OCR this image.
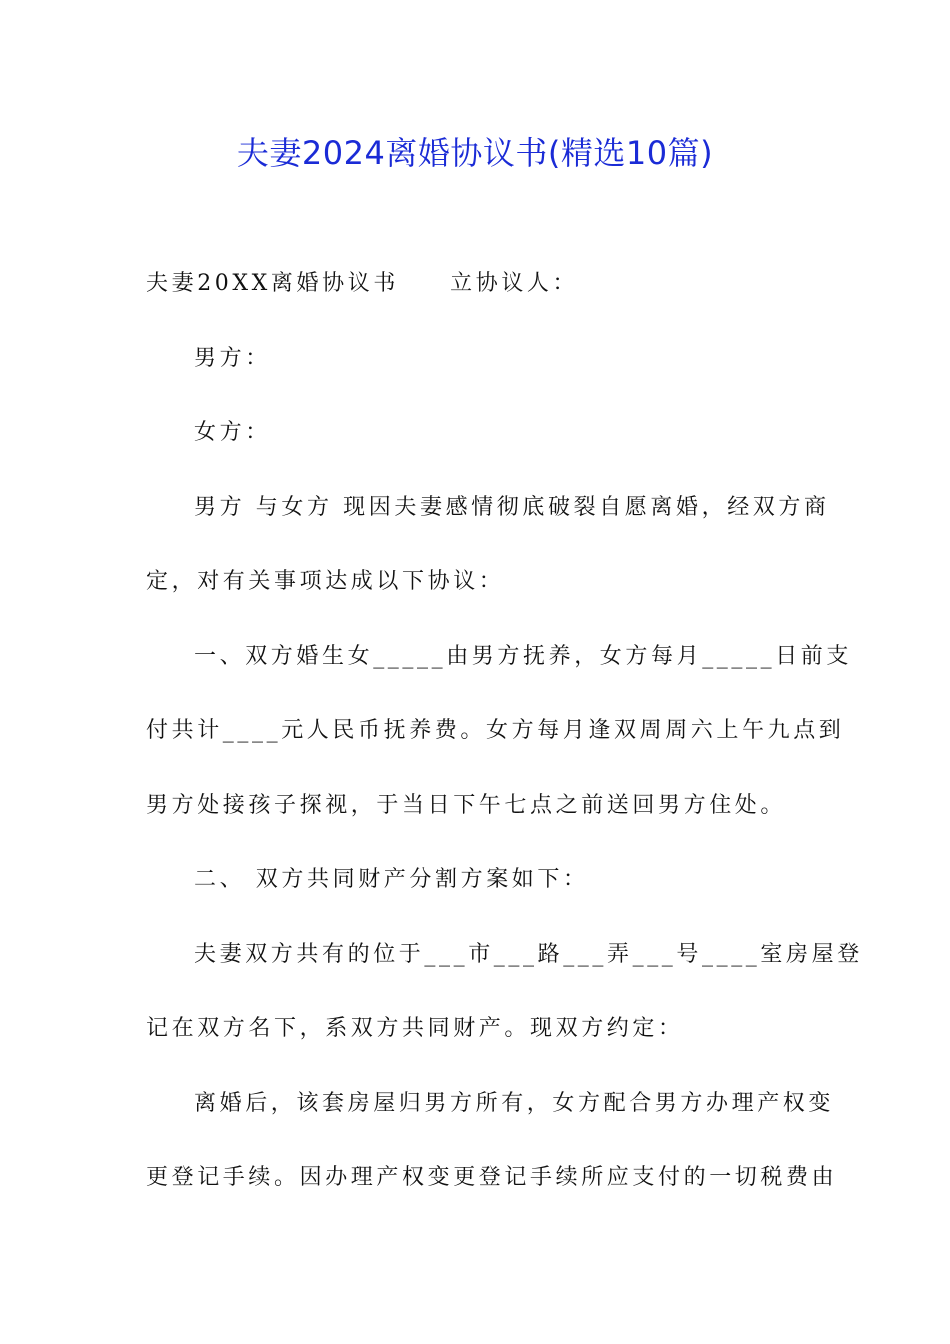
夫妻2024离婚协议书(精选10篇)
夫妻20XX离婚协议书　　立协议人：
男方：
女方：
男方 与女方 现因夫妻感情彻底破裂自愿离婚，经双方商
定，对有关事项达成以下协议：
一、双方婚生女_____由男方抚养，女方每月_____日前支
付共计____元人民币抚养费。女方每月逢双周周六上午九点到
男方处接孩子探视，于当日下午七点之前送回男方住处。
二、 双方共同财产分割方案如下：
夫妻双方共有的位于___市___路___弄___号____室房屋登
记在双方名下，系双方共同财产。现双方约定：
离婚后，该套房屋归男方所有，女方配合男方办理产权变
更登记手续。因办理产权变更登记手续所应支付的一切税费由
